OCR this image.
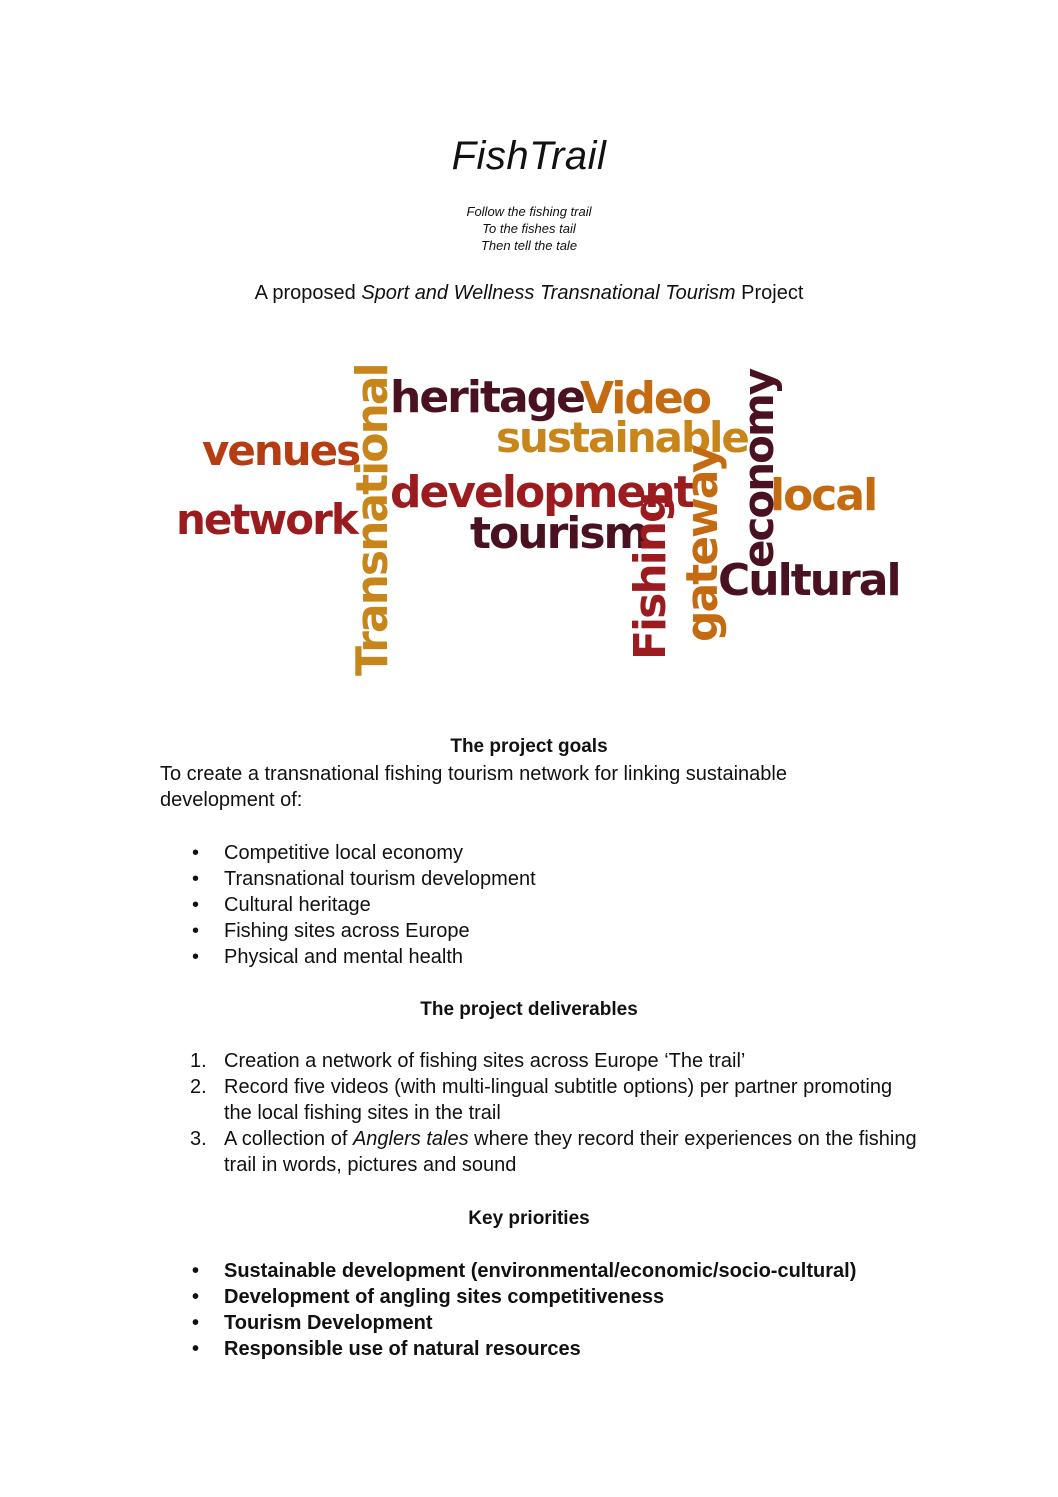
FishTrail
Follow the fishing trail
To the fishes tail
Then tell the tale
A proposed Sport and Wellness Transnational Tourism Project
heritage
Video
sustainable
venues
development
network	tourism
local
Cultural
Transnational	Fishing gateway economy
The project goals
To create a transnational fishing tourism network for linking sustainable development of:
• Competitive local economy
• Transnational tourism development
• Cultural heritage
• Fishing sites across Europe
• Physical and mental health
The project deliverables
1. Creation a network of fishing sites across Europe ‘The trail’
2. Record five videos (with multi-lingual subtitle options) per partner promoting the local fishing sites in the trail
3. A collection of Anglers tales where they record their experiences on the fishing trail in words, pictures and sound
Key priorities
• Sustainable development (environmental/economic/socio-cultural)
• Development of angling sites competitiveness
• Tourism Development
• Responsible use of natural resources
